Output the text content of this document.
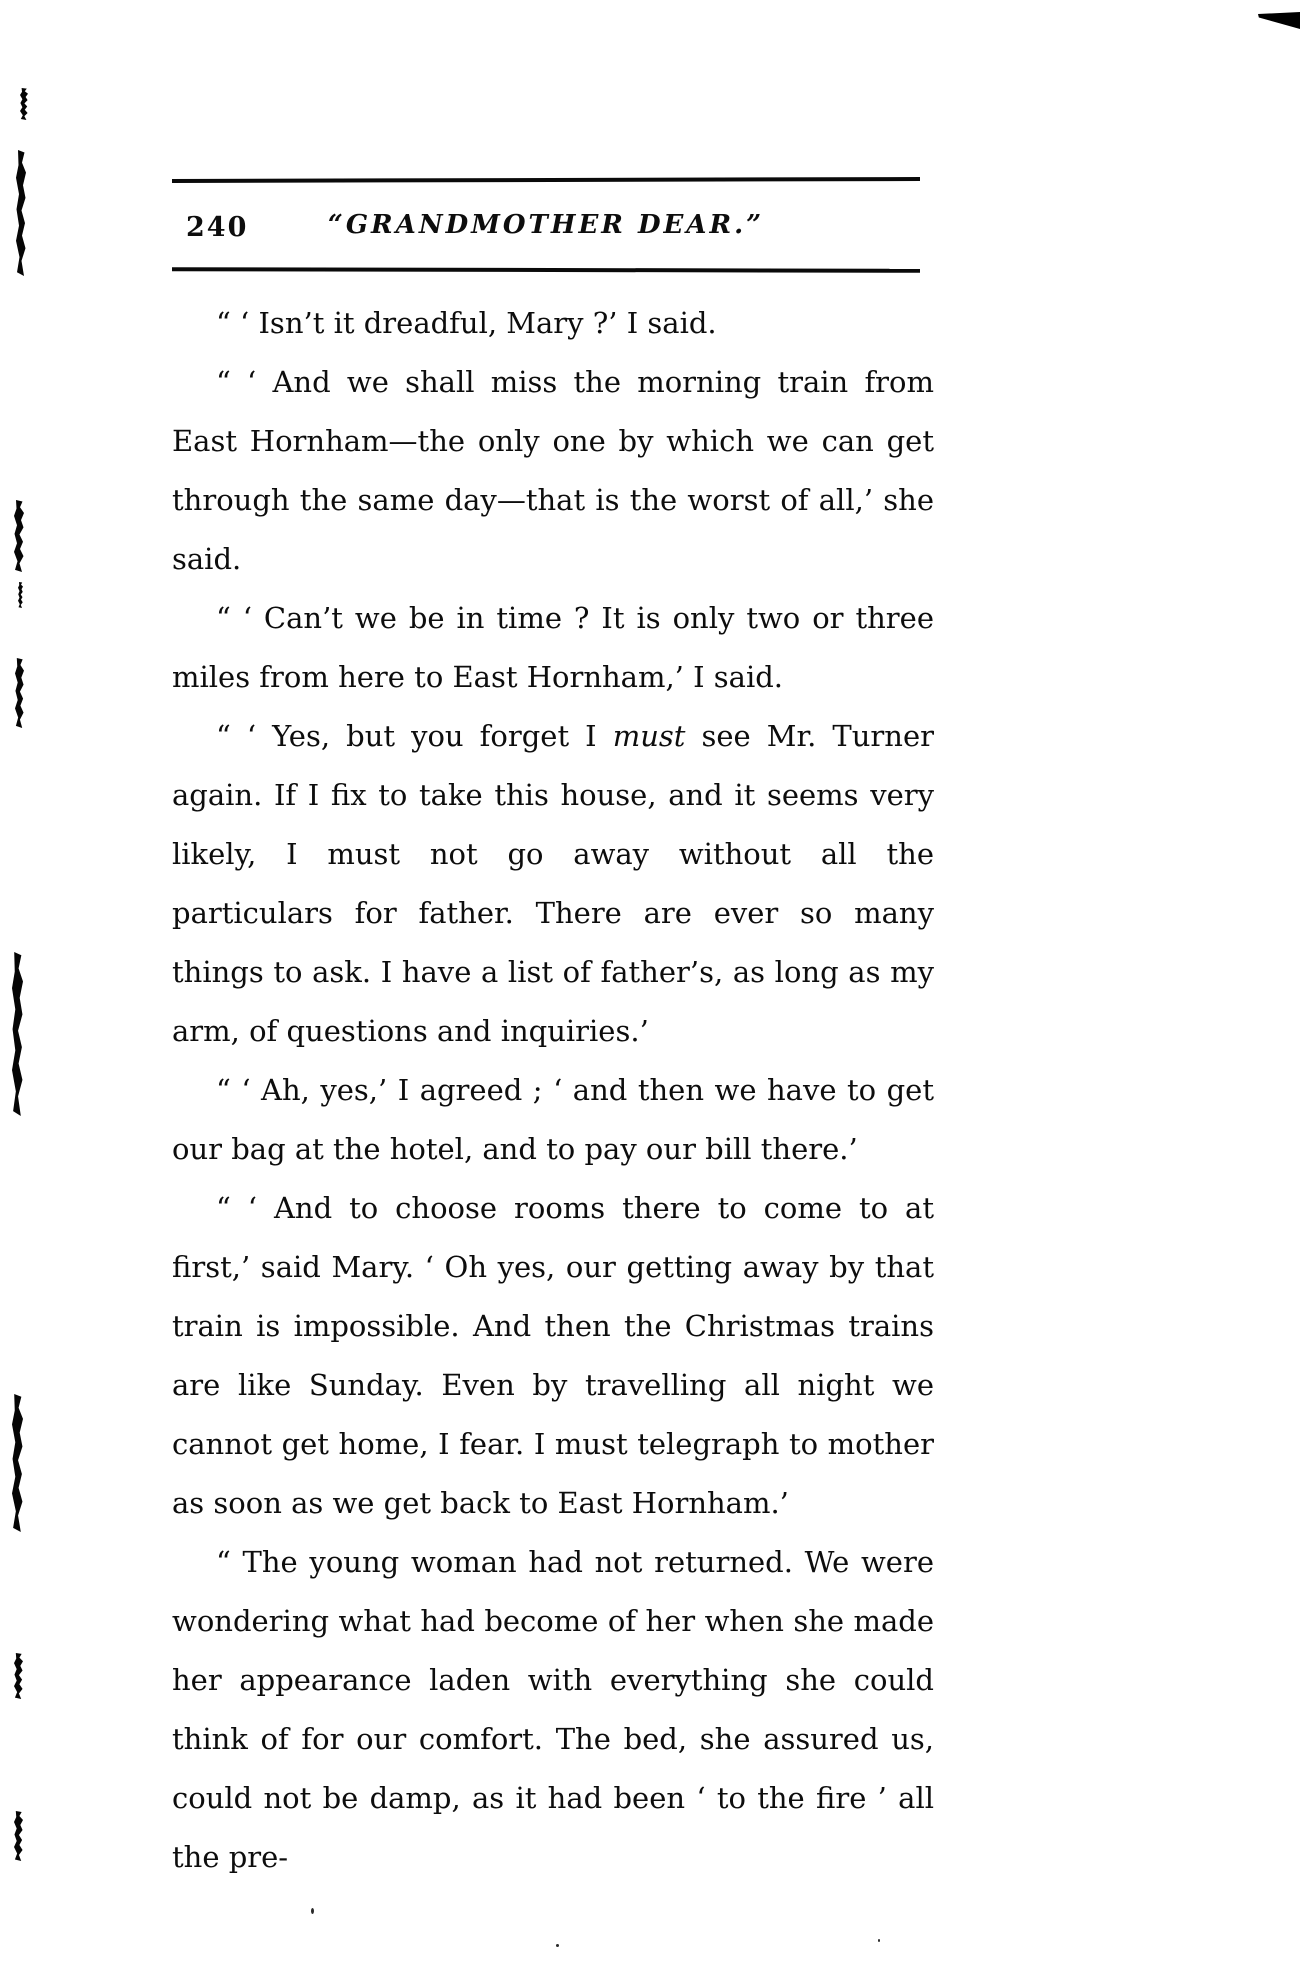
240	“GRANDMOTHER DEAR.”

“ ‘ Isn’t it dreadful, Mary ?’ I said.

“ ‘ And we shall miss the morning train from East Hornham—the only one by which we can get through the same day—that is the worst of all,’ she said.

“ ‘ Can’t we be in time ? It is only two or three miles from here to East Hornham,’ I said.

“ ‘ Yes, but you forget I must see Mr. Turner again. If I fix to take this house, and it seems very likely, I must not go away without all the particulars for father. There are ever so many things to ask. I have a list of father’s, as long as my arm, of questions and inquiries.’

“ ‘ Ah, yes,’ I agreed ; ‘ and then we have to get our bag at the hotel, and to pay our bill there.’

“ ‘ And to choose rooms there to come to at first,’ said Mary. ‘ Oh yes, our getting away by that train is impossible. And then the Christmas trains are like Sunday. Even by travelling all night we cannot get home, I fear. I must telegraph to mother as soon as we get back to East Hornham.’

“ The young woman had not returned. We were wondering what had become of her when she made her appearance laden with everything she could think of for our comfort. The bed, she assured us, could not be damp, as it had been ‘ to the fire ’ all the pre-
